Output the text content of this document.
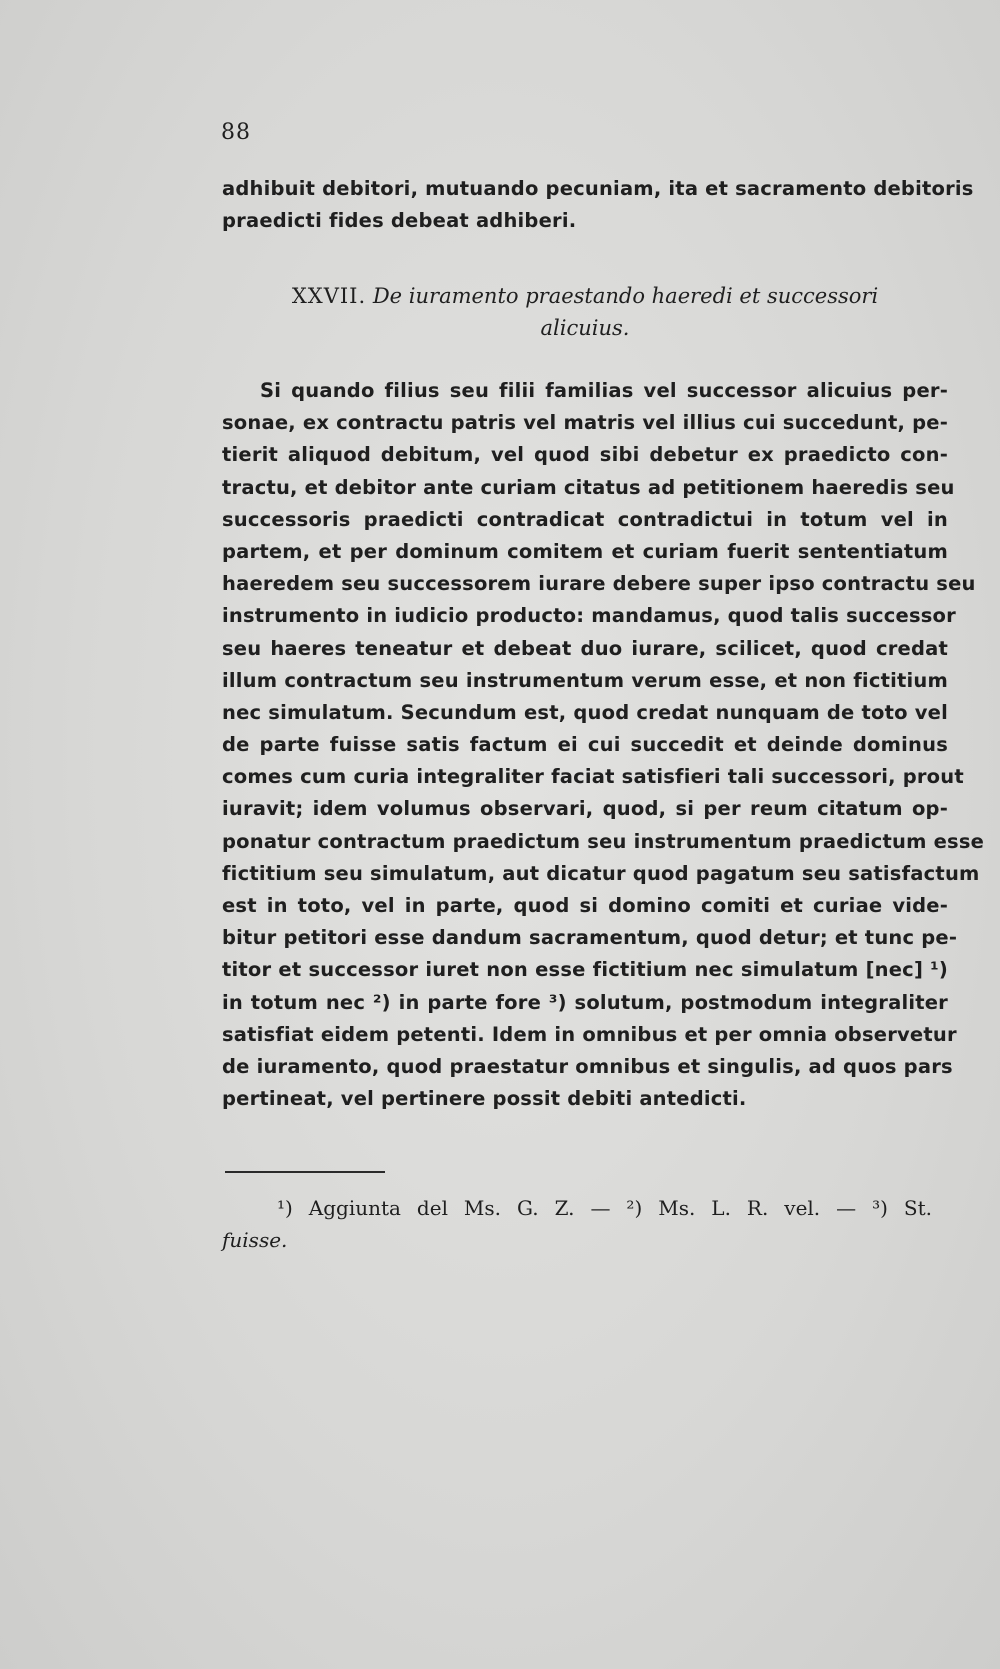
88
adhibuit debitori, mutuando pecuniam, ita et sacramento debitoris
praedicti fides debeat adhiberi.
XXVII. De iuramento praestando haeredi et successori
alicuius.
Si quando filius seu filii familias vel successor alicuius per-
sonae, ex contractu patris vel matris vel illius cui succedunt, pe-
tierit aliquod debitum, vel quod sibi debetur ex praedicto con-
tractu, et debitor ante curiam citatus ad petitionem haeredis seu
successoris praedicti contradicat contradictui in totum vel in
partem, et per dominum comitem et curiam fuerit sententiatum
haeredem seu successorem iurare debere super ipso contractu seu
instrumento in iudicio producto: mandamus, quod talis successor
seu haeres teneatur et debeat duo iurare, scilicet, quod credat
illum contractum seu instrumentum verum esse, et non fictitium
nec simulatum. Secundum est, quod credat nunquam de toto vel
de parte fuisse satis factum ei cui succedit et deinde dominus
comes cum curia integraliter faciat satisfieri tali successori, prout
iuravit; idem volumus observari, quod, si per reum citatum op-
ponatur contractum praedictum seu instrumentum praedictum esse
fictitium seu simulatum, aut dicatur quod pagatum seu satisfactum
est in toto, vel in parte, quod si domino comiti et curiae vide-
bitur petitori esse dandum sacramentum, quod detur; et tunc pe-
titor et successor iuret non esse fictitium nec simulatum [nec] ¹)
in totum nec ²) in parte fore ³) solutum, postmodum integraliter
satisfiat eidem petenti. Idem in omnibus et per omnia observetur
de iuramento, quod praestatur omnibus et singulis, ad quos pars
pertineat, vel pertinere possit debiti antedicti.
¹) Aggiunta del Ms. G. Z. — ²) Ms. L. R. vel. — ³) St.
fuisse.
